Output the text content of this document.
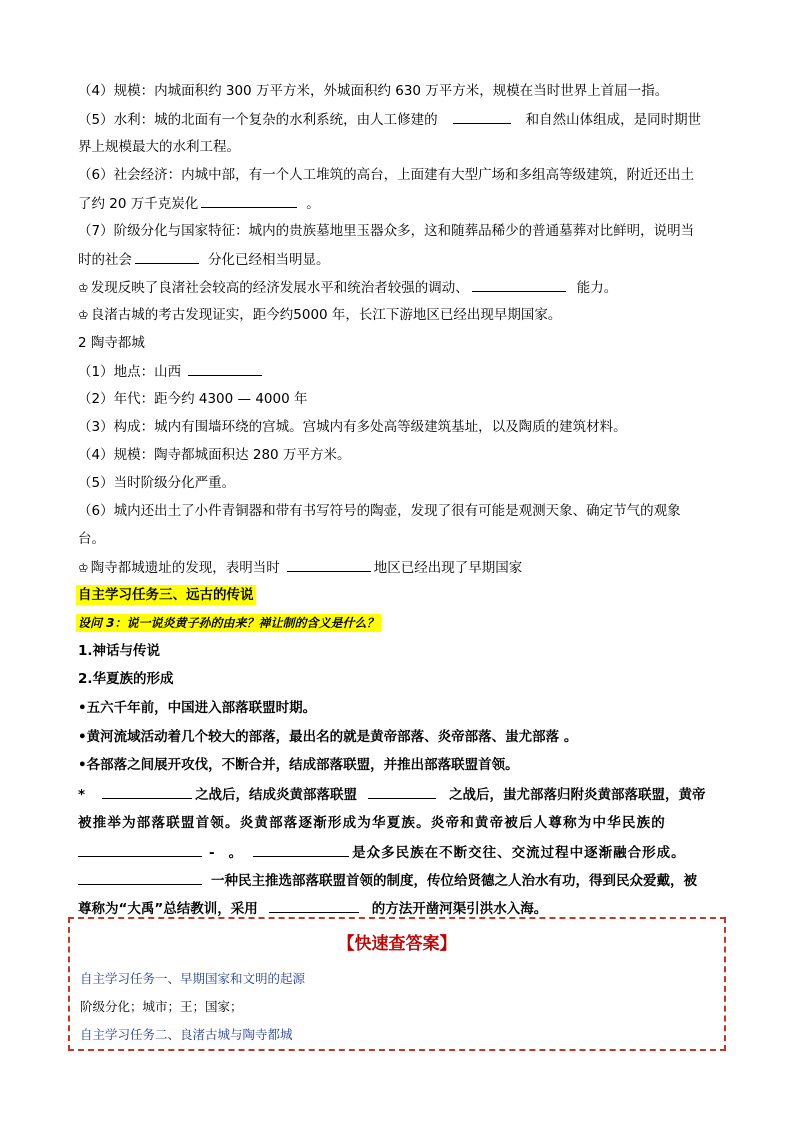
（4）规模：内城面积约 300 万平方米，外城面积约 630 万平方米，规模在当时世界上首屈一指。
（5）水利：城的北面有一个复杂的水利系统，由人工修建的	和自然山体组成，是同时期世
界上规模最大的水利工程。
（6）社会经济：内城中部，有一个人工堆筑的高台，上面建有大型广场和多组高等级建筑，附近还出土
了约 20 万千克炭化	。
（7）阶级分化与国家特征：城内的贵族墓地里玉器众多，这和随葬品稀少的普通墓葬对比鲜明，说明当
时的社会	分化已经相当明显。
♔ 发现反映了良渚社会较高的经济发展水平和统治者较强的调动、	能力。
♔ 良渚古城的考古发现证实，距今约5000 年，长江下游地区已经出现早期国家。
2 陶寺都城
（1）地点：山西
（2）年代：距今约 4300 — 4000 年
（3）构成：城内有围墙环绕的宫城。宫城内有多处高等级建筑基址，以及陶质的建筑材料。
（4）规模：陶寺都城面积达 280 万平方米。
（5）当时阶级分化严重。
（6）城内还出土了小件青铜器和带有书写符号的陶壶，发现了很有可能是观测天象、确定节气的观象
台。
♔ 陶寺都城遗址的发现，表明当时	地区已经出现了早期国家
自主学习任务三、远古的传说
设问 3：说一说炎黄子孙的由来？禅让制的含义是什么？
1.神话与传说
2.华夏族的形成
•五六千年前，中国进入部落联盟时期。
•黄河流域活动着几个较大的部落，最出名的就是黄帝部落、炎帝部落、蚩尤部落 。
•各部落之间展开攻伐，不断合并，结成部落联盟，并推出部落联盟首领。
*	之战后，结成炎黄部落联盟	之战后，蚩尤部落归附炎黄部落联盟，黄帝
被推举为部落联盟首领。炎黄部落逐渐形成为华夏族。炎帝和黄帝被后人尊称为中华民族的
- 。	是众多民族在不断交往、交流过程中逐渐融合形成。
一种民主推选部落联盟首领的制度，传位给贤德之人治水有功，得到民众爱戴，被
尊称为“大禹”总结教训，采用	的方法开凿河渠引洪水入海。
【快速查答案】
自主学习任务一、早期国家和文明的起源
阶级分化；城市；王；国家；
自主学习任务二、良渚古城与陶寺都城
